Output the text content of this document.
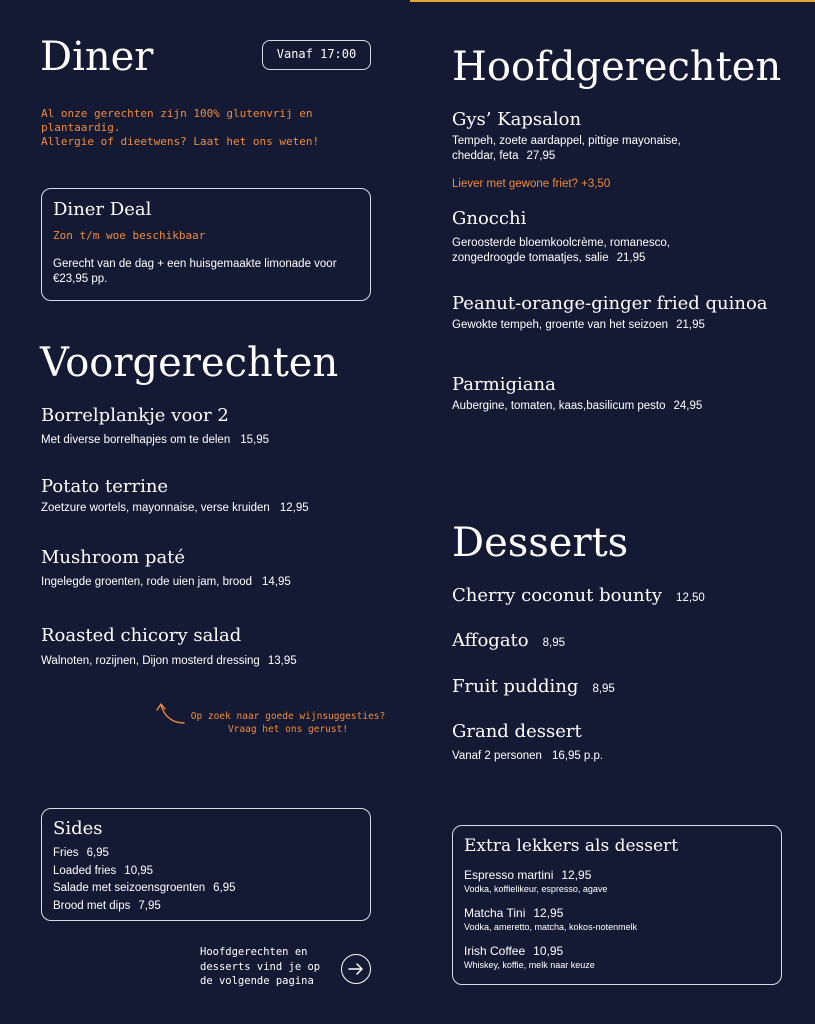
Diner	Vanaf 17:00
Al onze gerechten zijn 100% glutenvrij en
plantaardig.
Allergie of dieetwens? Laat het ons weten!
Diner Deal
Zon t/m woe beschikbaar
Gerecht van de dag + een huisgemaakte limonade voor
€23,95 pp.
Voorgerechten
Borrelplankje voor 2
Met diverse borrelhapjes om te delen 15,95
Potato terrine
Zoetzure wortels, mayonnaise, verse kruiden 12,95
Mushroom paté
Ingelegde groenten, rode uien jam, brood 14,95
Roasted chicory salad
Walnoten, rozijnen, Dijon mosterd dressing 13,95
Op zoek naar goede wijnsuggesties?
Vraag het ons gerust!
Sides
Fries 6,95
Loaded fries 10,95
Salade met seizoensgroenten 6,95
Brood met dips 7,95
Hoofdgerechten en
desserts vind je op
de volgende pagina
Hoofdgerechten
Gys’ Kapsalon
Tempeh, zoete aardappel, pittige mayonaise,
cheddar, feta 27,95
Liever met gewone friet? +3,50
Gnocchi
Geroosterde bloemkoolcrème, romanesco,
zongedroogde tomaatjes, salie 21,95
Peanut-orange-ginger fried quinoa
Gewokte tempeh, groente van het seizoen 21,95
Parmigiana
Aubergine, tomaten, kaas,basilicum pesto 24,95
Desserts
Cherry coconut bounty 12,50
Affogato 8,95
Fruit pudding 8,95
Grand dessert
Vanaf 2 personen 16,95 p.p.
Extra lekkers als dessert
Espresso martini 12,95
Vodka, koffielikeur, espresso, agave
Matcha Tini 12,95
Vodka, ameretto, matcha, kokos-notenmelk
Irish Coffee 10,95
Whiskey, koffie, melk naar keuze
